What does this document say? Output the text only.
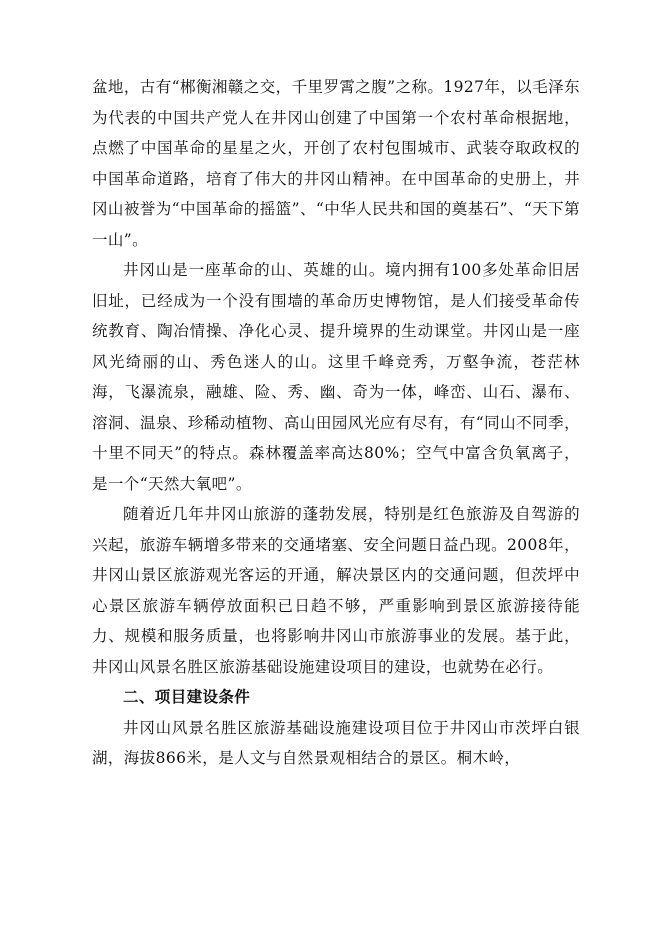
盆地，古有“郴衡湘赣之交，千里罗霄之腹”之称。1927年，以毛泽东为代表的中国共产党人在井冈山创建了中国第一个农村革命根据地，点燃了中国革命的星星之火，开创了农村包围城市、武装夺取政权的中国革命道路，培育了伟大的井冈山精神。在中国革命的史册上，井冈山被誉为“中国革命的摇篮”、“中华人民共和国的奠基石”、“天下第一山”。

井冈山是一座革命的山、英雄的山。境内拥有100多处革命旧居旧址，已经成为一个没有围墙的革命历史博物馆，是人们接受革命传统教育、陶冶情操、净化心灵、提升境界的生动课堂。井冈山是一座风光绮丽的山、秀色迷人的山。这里千峰竞秀，万壑争流，苍茫林海，飞瀑流泉，融雄、险、秀、幽、奇为一体，峰峦、山石、瀑布、溶洞、温泉、珍稀动植物、高山田园风光应有尽有，有“同山不同季，十里不同天”的特点。森林覆盖率高达80%；空气中富含负氧离子，是一个“天然大氧吧”。

随着近几年井冈山旅游的蓬勃发展，特别是红色旅游及自驾游的兴起，旅游车辆增多带来的交通堵塞、安全问题日益凸现。2008年，井冈山景区旅游观光客运的开通，解决景区内的交通问题，但茨坪中心景区旅游车辆停放面积已日趋不够，严重影响到景区旅游接待能力、规模和服务质量，也将影响井冈山市旅游事业的发展。基于此，井冈山风景名胜区旅游基础设施建设项目的建设，也就势在必行。

二、项目建设条件

井冈山风景名胜区旅游基础设施建设项目位于井冈山市茨坪白银湖，海拔866米，是人文与自然景观相结合的景区。桐木岭，
